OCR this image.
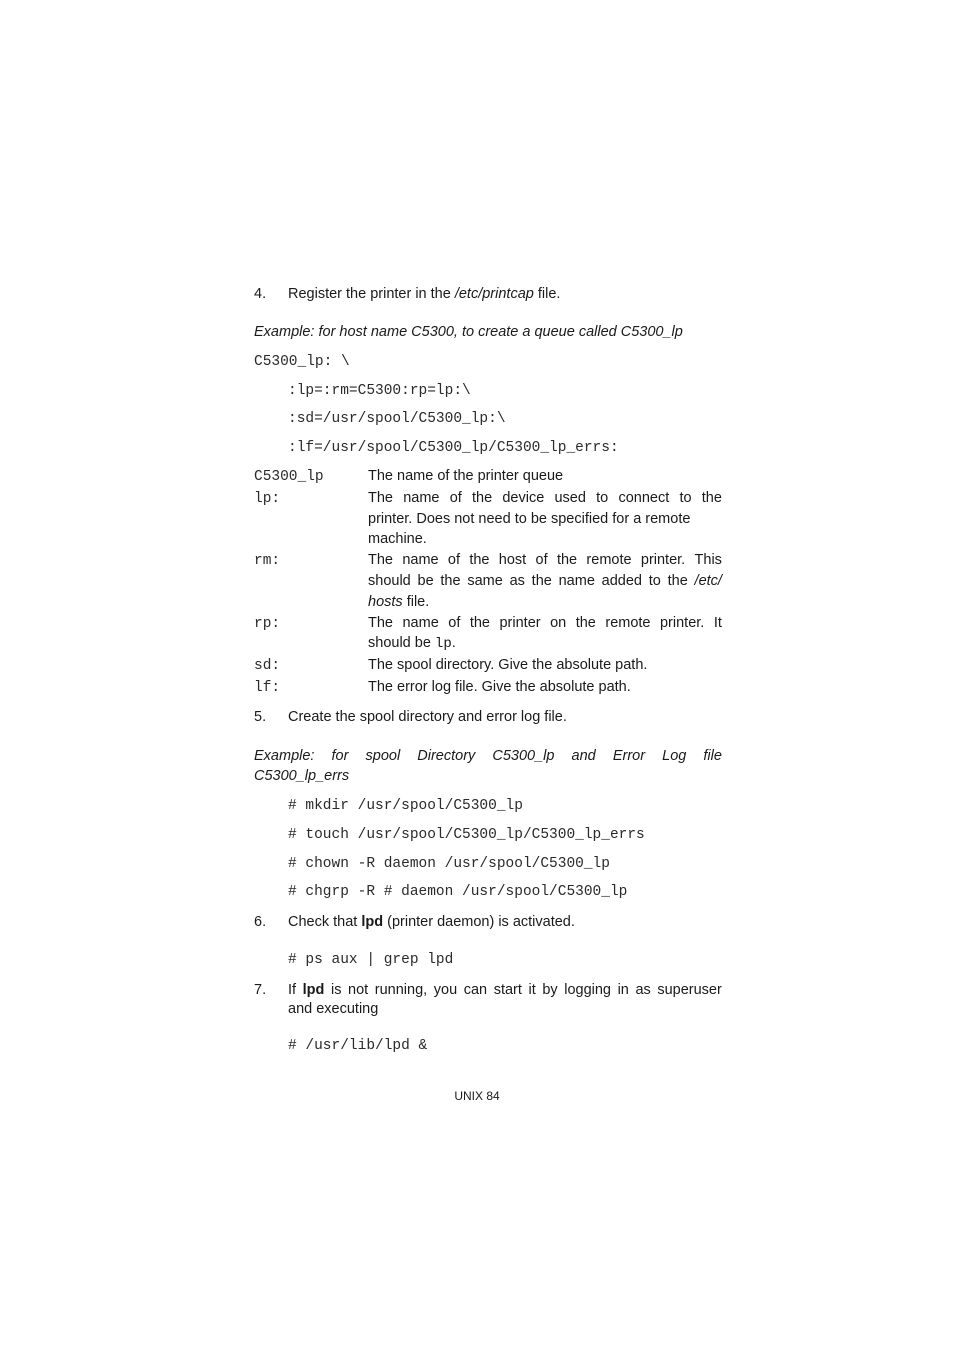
4. Register the printer in the /etc/printcap file.
Example: for host name C5300, to create a queue called C5300_lp
C5300_lp: \
:lp=:rm=C5300:rp=lp:\
:sd=/usr/spool/C5300_lp:\
:lf=/usr/spool/C5300_lp/C5300_lp_errs:
C5300_lp	The name of the printer queue
lp:	The name of the device used to connect to the
printer. Does not need to be specified for a remote
machine.
rm:	The name of the host of the remote printer. This
should be the same as the name added to the /etc/
hosts file.
rp:	The name of the printer on the remote printer. It
should be lp.
sd:	The spool directory. Give the absolute path.
lf:	The error log file. Give the absolute path.
5. Create the spool directory and error log file.
Example: for spool Directory C5300_lp and Error Log file
C5300_lp_errs
# mkdir /usr/spool/C5300_lp
# touch /usr/spool/C5300_lp/C5300_lp_errs
# chown -R daemon /usr/spool/C5300_lp
# chgrp -R # daemon /usr/spool/C5300_lp
6. Check that lpd (printer daemon) is activated.
# ps aux | grep lpd
7. If lpd is not running, you can start it by logging in as superuser
and executing
# /usr/lib/lpd &
UNIX 84
